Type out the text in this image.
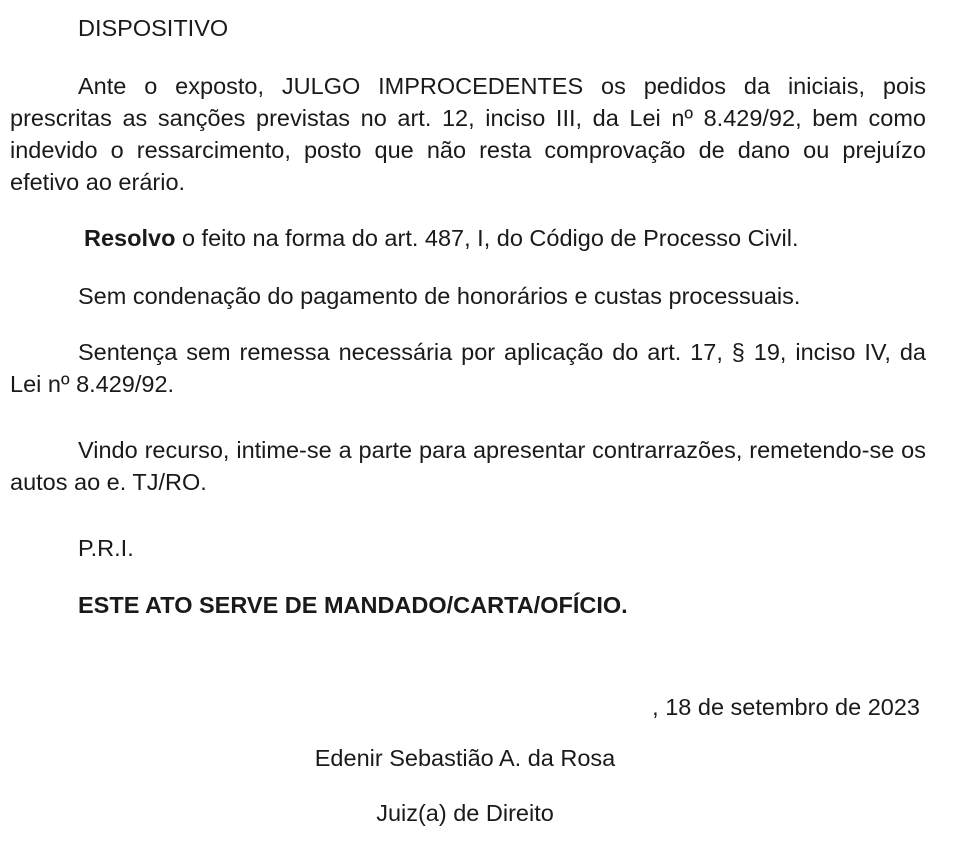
DISPOSITIVO

Ante o exposto, JULGO IMPROCEDENTES os pedidos da iniciais, pois prescritas as sanções previstas no art. 12, inciso III, da Lei nº 8.429/92, bem como indevido o ressarcimento, posto que não resta comprovação de dano ou prejuízo efetivo ao erário.

Resolvo o feito na forma do art. 487, I, do Código de Processo Civil.

Sem condenação do pagamento de honorários e custas processuais.

Sentença sem remessa necessária por aplicação do art. 17, § 19, inciso IV, da Lei nº 8.429/92.

Vindo recurso, intime-se a parte para apresentar contrarrazões, remetendo-se os autos ao e. TJ/RO.

P.R.I.

ESTE ATO SERVE DE MANDADO/CARTA/OFÍCIO.

, 18 de setembro de 2023

Edenir Sebastião A. da Rosa

Juiz(a) de Direito
